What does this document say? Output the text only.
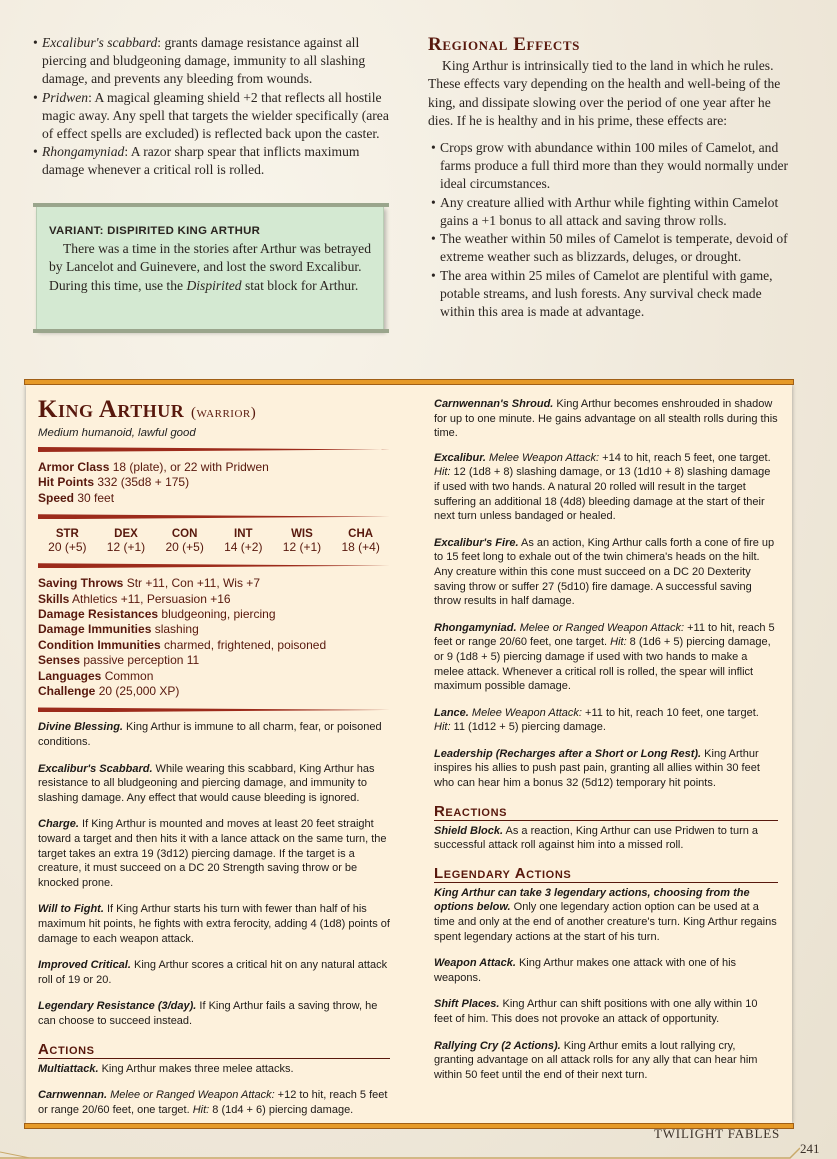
• Excalibur's scabbard: grants damage resistance against all piercing and bludgeoning damage, immunity to all slashing damage, and prevents any bleeding from wounds.
• Pridwen: A magical gleaming shield +2 that reflects all hostile magic away. Any spell that targets the wielder specifically (area of effect spells are excluded) is reflected back upon the caster.
• Rhongamyniad: A razor sharp spear that inflicts maximum damage whenever a critical roll is rolled.
VARIANT: DISPIRITED KING ARTHUR
There was a time in the stories after Arthur was betrayed by Lancelot and Guinevere, and lost the sword Excalibur. During this time, use the Dispirited stat block for Arthur.
Regional Effects
King Arthur is intrinsically tied to the land in which he rules. These effects vary depending on the health and well-being of the king, and dissipate slowing over the period of one year after he dies. If he is healthy and in his prime, these effects are:
• Crops grow with abundance within 100 miles of Camelot, and farms produce a full third more than they would normally under ideal circumstances.
• Any creature allied with Arthur while fighting within Camelot gains a +1 bonus to all attack and saving throw rolls.
• The weather within 50 miles of Camelot is temperate, devoid of extreme weather such as blizzards, deluges, or drought.
• The area within 25 miles of Camelot are plentiful with game, potable streams, and lush forests. Any survival check made within this area is made at advantage.
King Arthur (warrior)
Medium humanoid, lawful good
Armor Class 18 (plate), or 22 with Pridwen
Hit Points 332 (35d8 + 175)
Speed 30 feet
STR	DEX	CON	INT	WIS	CHA
20 (+5)	12 (+1)	20 (+5)	14 (+2)	12 (+1)	18 (+4)
Saving Throws Str +11, Con +11, Wis +7
Skills Athletics +11, Persuasion +16
Damage Resistances bludgeoning, piercing
Damage Immunities slashing
Condition Immunities charmed, frightened, poisoned
Senses passive perception 11
Languages Common
Challenge 20 (25,000 XP)
Divine Blessing. King Arthur is immune to all charm, fear, or poisoned conditions.
Excalibur's Scabbard. While wearing this scabbard, King Arthur has resistance to all bludgeoning and piercing damage, and immunity to slashing damage. Any effect that would cause bleeding is ignored.
Charge. If King Arthur is mounted and moves at least 20 feet straight toward a target and then hits it with a lance attack on the same turn, the target takes an extra 19 (3d12) piercing damage. If the target is a creature, it must succeed on a DC 20 Strength saving throw or be knocked prone.
Will to Fight. If King Arthur starts his turn with fewer than half of his maximum hit points, he fights with extra ferocity, adding 4 (1d8) points of damage to each weapon attack.
Improved Critical. King Arthur scores a critical hit on any natural attack roll of 19 or 20.
Legendary Resistance (3/day). If King Arthur fails a saving throw, he can choose to succeed instead.
Actions
Multiattack. King Arthur makes three melee attacks.
Carnwennan. Melee or Ranged Weapon Attack: +12 to hit, reach 5 feet or range 20/60 feet, one target. Hit: 8 (1d4 + 6) piercing damage.
Carnwennan's Shroud. King Arthur becomes enshrouded in shadow for up to one minute. He gains advantage on all stealth rolls during this time.
Excalibur. Melee Weapon Attack: +14 to hit, reach 5 feet, one target. Hit: 12 (1d8 + 8) slashing damage, or 13 (1d10 + 8) slashing damage if used with two hands. A natural 20 rolled will result in the target suffering an additional 18 (4d8) bleeding damage at the start of their next turn unless bandaged or healed.
Excalibur's Fire. As an action, King Arthur calls forth a cone of fire up to 15 feet long to exhale out of the twin chimera's heads on the hilt. Any creature within this cone must succeed on a DC 20 Dexterity saving throw or suffer 27 (5d10) fire damage. A successful saving throw results in half damage.
Rhongamyniad. Melee or Ranged Weapon Attack: +11 to hit, reach 5 feet or range 20/60 feet, one target. Hit: 8 (1d6 + 5) piercing damage, or 9 (1d8 + 5) piercing damage if used with two hands to make a melee attack. Whenever a critical roll is rolled, the spear will inflict maximum possible damage.
Lance. Melee Weapon Attack: +11 to hit, reach 10 feet, one target. Hit: 11 (1d12 + 5) piercing damage.
Leadership (Recharges after a Short or Long Rest). King Arthur inspires his allies to push past pain, granting all allies within 30 feet who can hear him a bonus 32 (5d12) temporary hit points.
Reactions
Shield Block. As a reaction, King Arthur can use Pridwen to turn a successful attack roll against him into a missed roll.
Legendary Actions
King Arthur can take 3 legendary actions, choosing from the options below. Only one legendary action option can be used at a time and only at the end of another creature's turn. King Arthur regains spent legendary actions at the start of his turn.
Weapon Attack. King Arthur makes one attack with one of his weapons.
Shift Places. King Arthur can shift positions with one ally within 10 feet of him. This does not provoke an attack of opportunity.
Rallying Cry (2 Actions). King Arthur emits a lout rallying cry, granting advantage on all attack rolls for any ally that can hear him within 50 feet until the end of their next turn.
TWILIGHT FABLES
241
